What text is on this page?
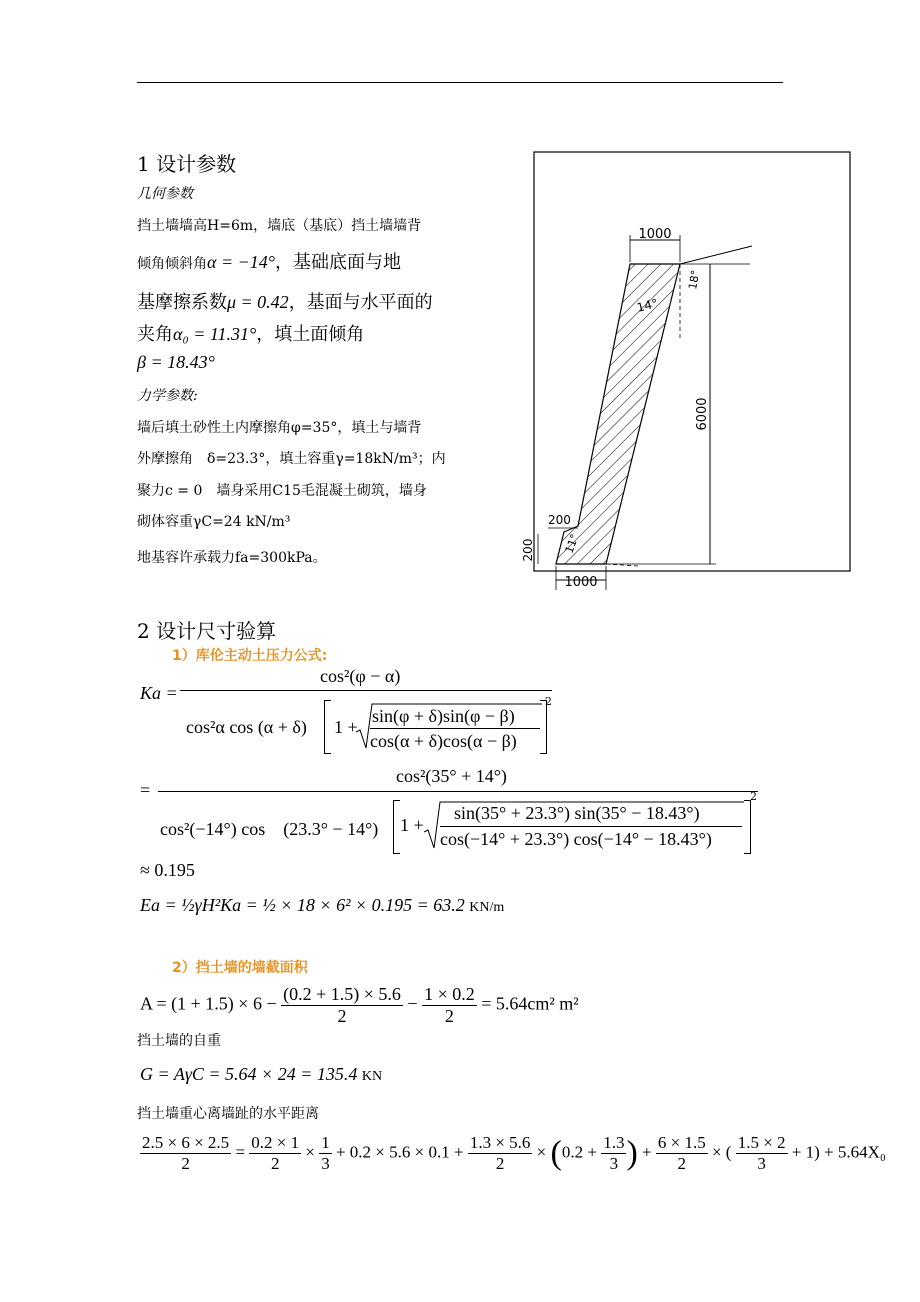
1 设计参数
几何参数
挡土墙墙高H=6m，墙底（基底）挡土墙墙背
倾角倾斜角α = −14°，基础底面与地
基摩擦系数μ = 0.42，基面与水平面的
夹角α₀ = 11.31°，填土面倾角
β = 18.43°
力学参数:
墙后填土砂性土内摩擦角φ=35°，填土与墙背
外摩擦角　δ=23.3°，填土容重γ=18kN/m³；内
聚力c = 0　墙身采用C15毛混凝土砌筑，墙身
砌体容重γC=24 kN/m³
地基容许承载力fa=300kPa。
1000
6000
1000
200
200
14°
11°
18°
2 设计尺寸验算
1）库伦主动土压力公式:
Ka =
cos²(φ − α)
cos²α cos (α + δ) 1 +
sin(φ + δ)sin(φ − β)
cos(α + δ)cos(α − β)
2
=
cos²(35° + 14°)
cos²(−14°) cos　(23.3° − 14°) 1 +
sin(35° + 23.3°) sin(35° − 18.43°)
cos(−14° + 23.3°) cos(−14° − 18.43°)
2
≈ 0.195
Ea = ½γH²Ka = ½ × 18 × 6² × 0.195 = 63.2 KN/m
2）挡土墙的墙截面积
$A = (1 + 1.5) \times 6 - \frac{(0.2 + 1.5) \times 5.6}{2} - \frac{1 \times 0.2}{2} = 5.64cm^2$ m²
挡土墙的自重
G = AγC = 5.64 × 24 = 135.4 KN
挡土墙重心离墙趾的水平距离
$\frac{2.5 \times 6 \times 2.5}{2} = \frac{0.2 \times 1}{2} \times \frac{1}{3} + 0.2 \times 5.6 \times 0.1 + \frac{1.3 \times 5.6}{2} \times (0.2 + \frac{1.3}{3}$ ) + $\frac{6 \times 1.5}{2}$ × ( $\frac{1.5 \times 2}{3} + 1) + 5.64X_0$
